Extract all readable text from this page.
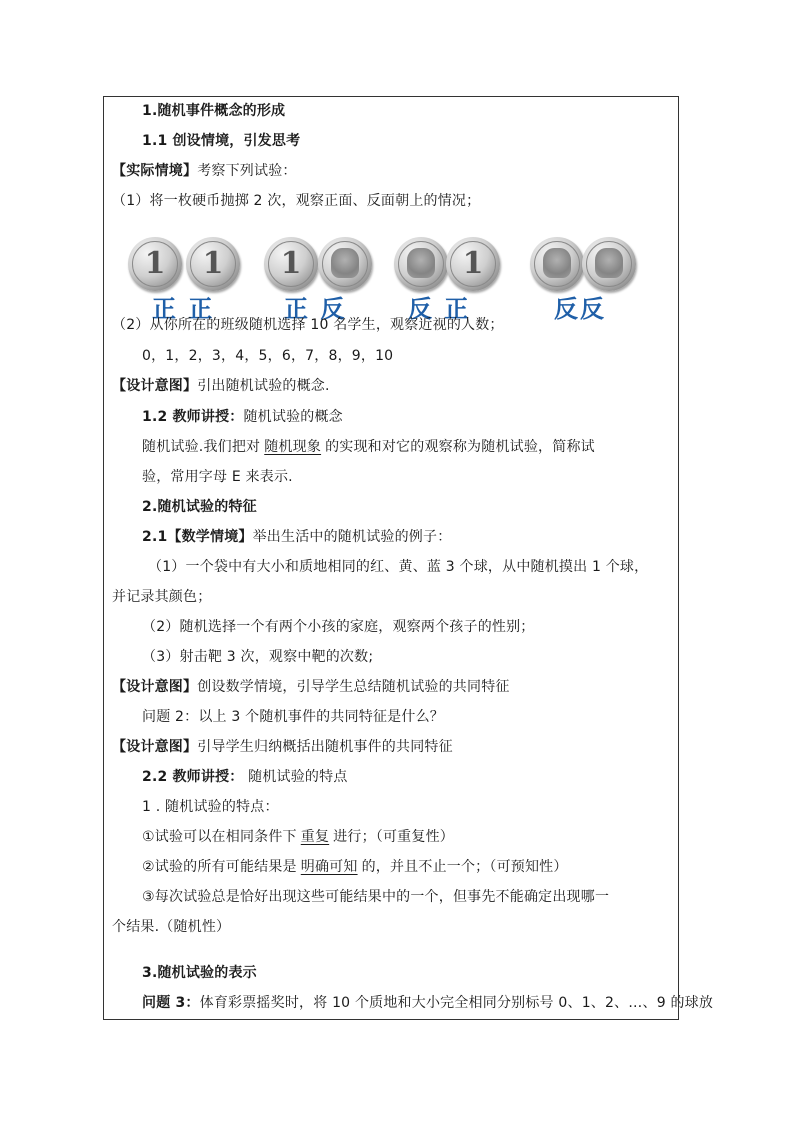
1.随机事件概念的形成
1.1 创设情境，引发思考
【实际情境】考察下列试验：
（1）将一枚硬币抛掷 2 次，观察正面、反面朝上的情况；
1	1
正 正
1
正 反
1
反 正	反反
（2）从你所在的班级随机选择 10 名学生，观察近视的人数；
0，1，2，3，4，5，6，7，8，9，10
【设计意图】引出随机试验的概念.
1.2 教师讲授：随机试验的概念
随机试验.我们把对 随机现象 的实现和对它的观察称为随机试验，简称试
验，常用字母 E 来表示.
2.随机试验的特征
2.1【数学情境】举出生活中的随机试验的例子：
（1）一个袋中有大小和质地相同的红、黄、蓝 3 个球，从中随机摸出 1 个球，
并记录其颜色；
（2）随机选择一个有两个小孩的家庭，观察两个孩子的性别；
（3）射击靶 3 次，观察中靶的次数;
【设计意图】创设数学情境，引导学生总结随机试验的共同特征
问题 2：以上 3 个随机事件的共同特征是什么？
【设计意图】引导学生归纳概括出随机事件的共同特征
2.2 教师讲授： 随机试验的特点
1 . 随机试验的特点：
①试验可以在相同条件下 重复 进行；（可重复性）
②试验的所有可能结果是 明确可知 的，并且不止一个；（可预知性）
③每次试验总是恰好出现这些可能结果中的一个，但事先不能确定出现哪一
个结果.（随机性）
3.随机试验的表示
问题 3：体育彩票摇奖时，将 10 个质地和大小完全相同分别标号 0、1、2、…、9 的球放
